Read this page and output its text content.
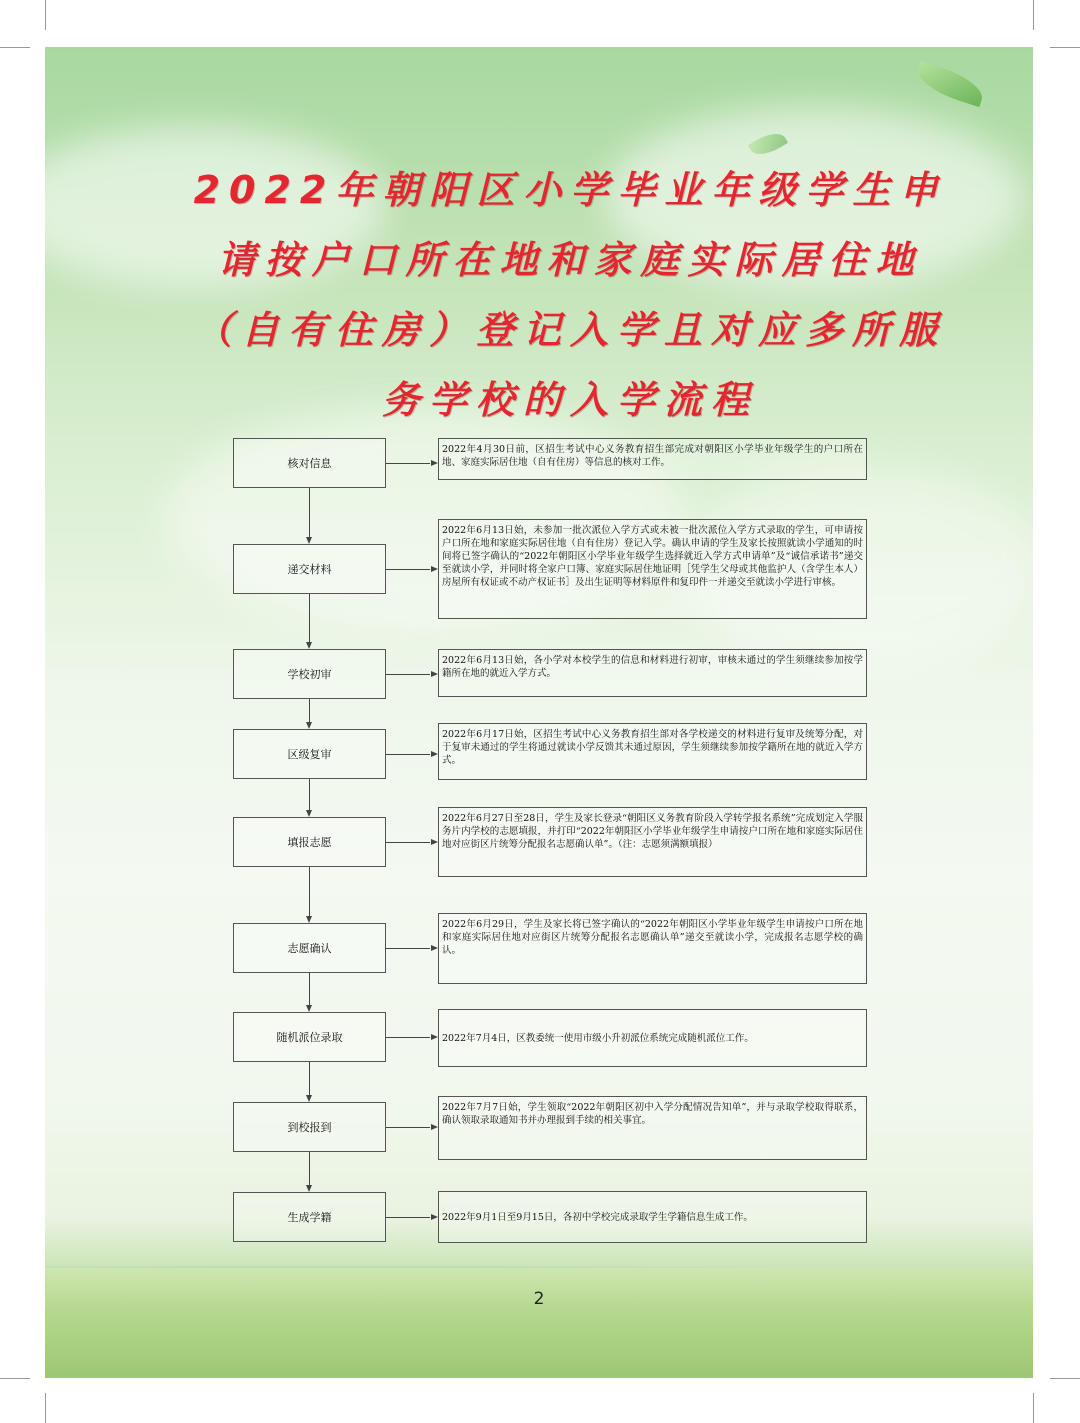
2022年朝阳区小学毕业年级学生申请按户口所在地和家庭实际居住地（自有住房）登记入学且对应多所服务学校的入学流程
核对信息
2022年4月30日前，区招生考试中心义务教育招生部完成对朝阳区小学毕业年级学生的户口所在地、家庭实际居住地（自有住房）等信息的核对工作。
递交材料
2022年6月13日始，未参加一批次派位入学方式或未被一批次派位入学方式录取的学生，可申请按户口所在地和家庭实际居住地（自有住房）登记入学。确认申请的学生及家长按照就读小学通知的时间将已签字确认的“2022年朝阳区小学毕业年级学生选择就近入学方式申请单”及“诚信承诺书”递交至就读小学，并同时将全家户口簿、家庭实际居住地证明［凭学生父母或其他监护人（含学生本人）房屋所有权证或不动产权证书］及出生证明等材料原件和复印件一并递交至就读小学进行审核。
学校初审
2022年6月13日始，各小学对本校学生的信息和材料进行初审，审核未通过的学生须继续参加按学籍所在地的就近入学方式。
区级复审
2022年6月17日始，区招生考试中心义务教育招生部对各学校递交的材料进行复审及统筹分配，对于复审未通过的学生将通过就读小学反馈其未通过原因，学生须继续参加按学籍所在地的就近入学方式。
填报志愿
2022年6月27日至28日，学生及家长登录“朝阳区义务教育阶段入学转学报名系统”完成划定入学服务片内学校的志愿填报，并打印“2022年朝阳区小学毕业年级学生申请按户口所在地和家庭实际居住地对应街区片统筹分配报名志愿确认单”。（注：志愿须满额填报）
志愿确认
2022年6月29日，学生及家长将已签字确认的“2022年朝阳区小学毕业年级学生申请按户口所在地和家庭实际居住地对应街区片统筹分配报名志愿确认单”递交至就读小学，完成报名志愿学校的确认。
随机派位录取	2022年7月4日，区教委统一使用市级小升初派位系统完成随机派位工作。
到校报到
2022年7月7日始，学生领取“2022年朝阳区初中入学分配情况告知单”，并与录取学校取得联系，确认领取录取通知书并办理报到手续的相关事宜。
生成学籍	2022年9月1日至9月15日，各初中学校完成录取学生学籍信息生成工作。
2
